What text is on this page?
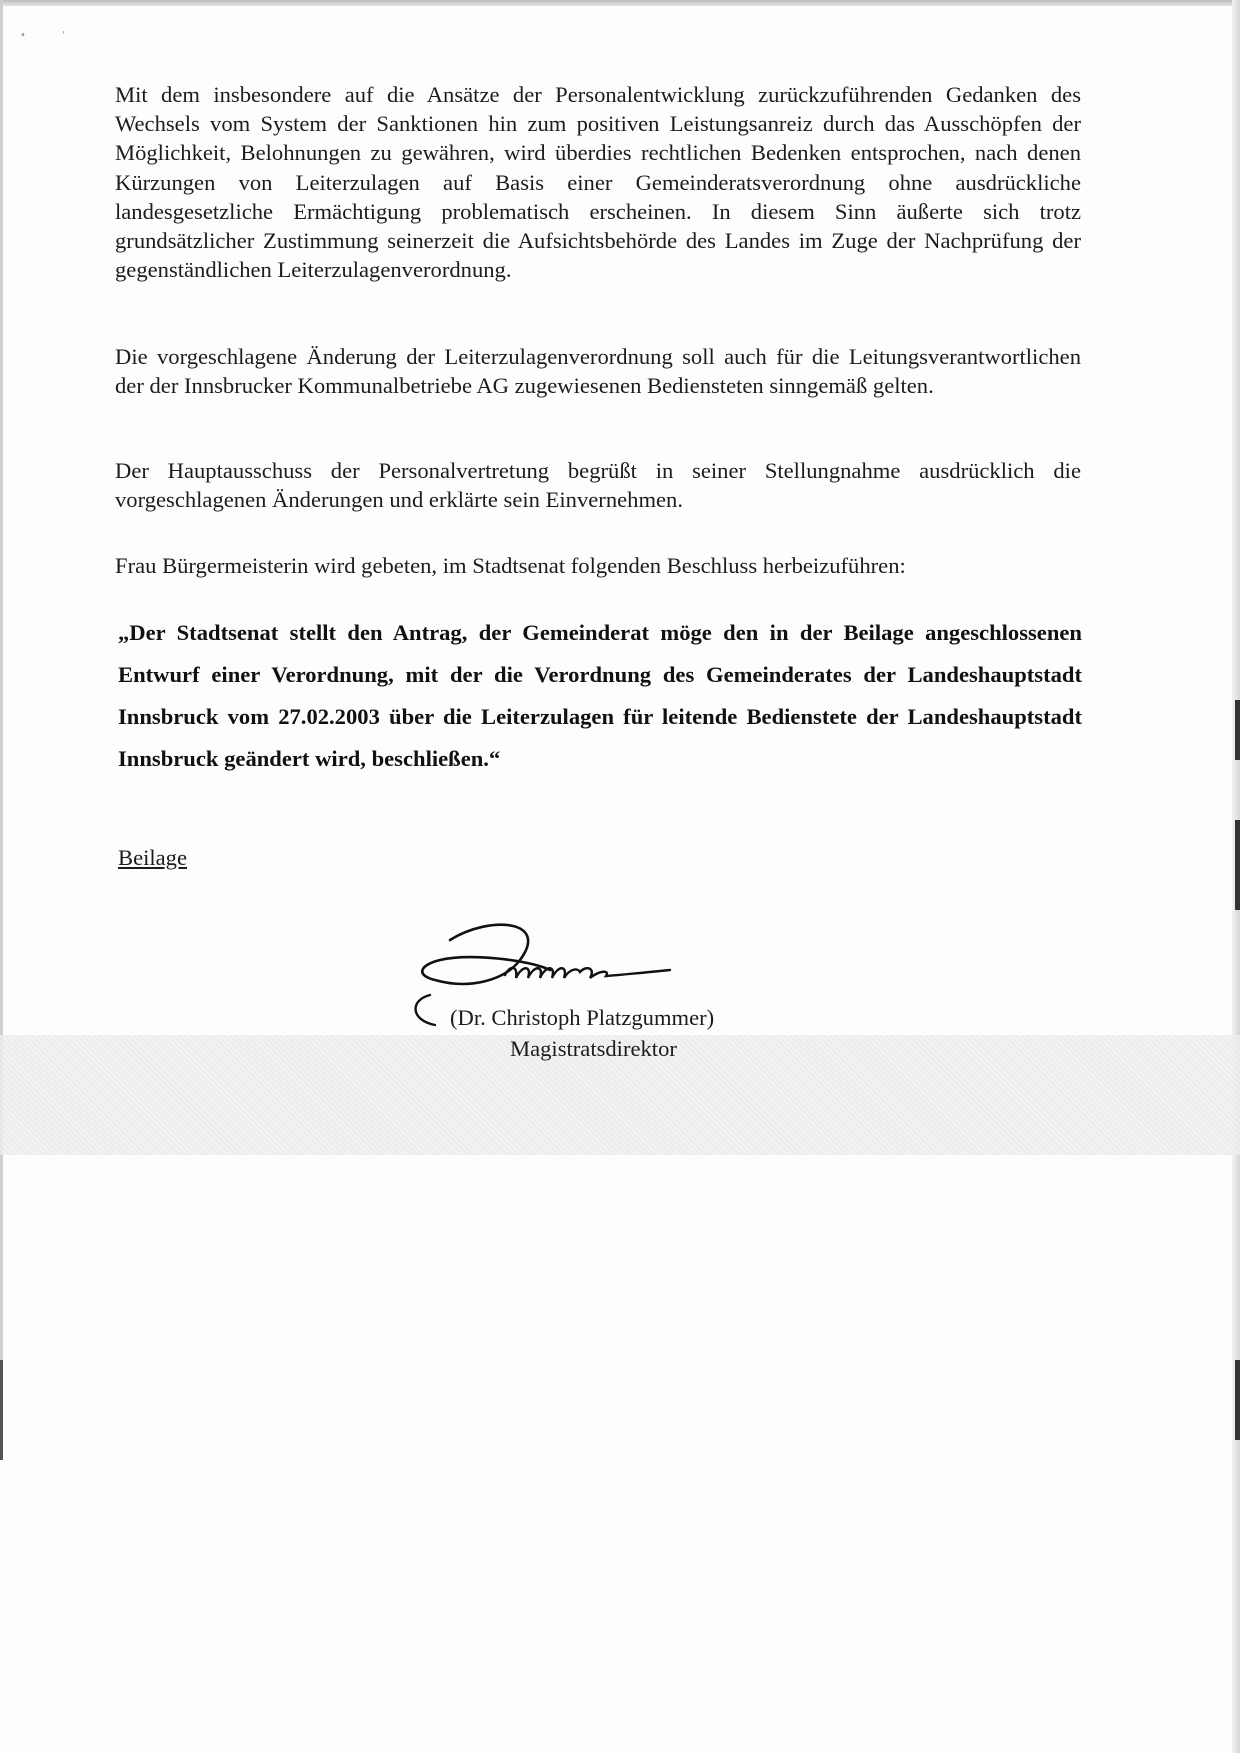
•                 '

Mit dem insbesondere auf die Ansätze der Personalentwicklung zurückzuführenden Gedanken des Wechsels vom System der Sanktionen hin zum positiven Leistungsanreiz durch das Ausschöpfen der Möglichkeit, Belohnungen zu gewähren, wird überdies rechtlichen Bedenken entsprochen, nach denen Kürzungen von Leiterzulagen auf Basis einer Gemeinderatsverordnung ohne ausdrückliche landesgesetzliche Ermächtigung problematisch erscheinen. In diesem Sinn äußerte sich trotz grundsätzlicher Zustimmung seinerzeit die Aufsichtsbehörde des Landes im Zuge der Nachprüfung der gegenständlichen Leiterzulagenverordnung.

Die vorgeschlagene Änderung der Leiterzulagenverordnung soll auch für die Leitungsverantwortlichen der der Innsbrucker Kommunalbetriebe AG zugewiesenen Bediensteten sinngemäß gelten.

Der Hauptausschuss der Personalvertretung begrüßt in seiner Stellungnahme ausdrücklich die vorgeschlagenen Änderungen und erklärte sein Einvernehmen.

Frau Bürgermeisterin wird gebeten, im Stadtsenat folgenden Beschluss herbeizuführen:

„Der Stadtsenat stellt den Antrag, der Gemeinderat möge den in der Beilage angeschlossenen Entwurf einer Verordnung, mit der die Verordnung des Gemeinderates der Landeshauptstadt Innsbruck vom 27.02.2003 über die Leiterzulagen für leitende Bedienstete der Landeshauptstadt Innsbruck geändert wird, beschließen.“

Beilage
(Dr. Christoph Platzgummer)
Magistratsdirektor
